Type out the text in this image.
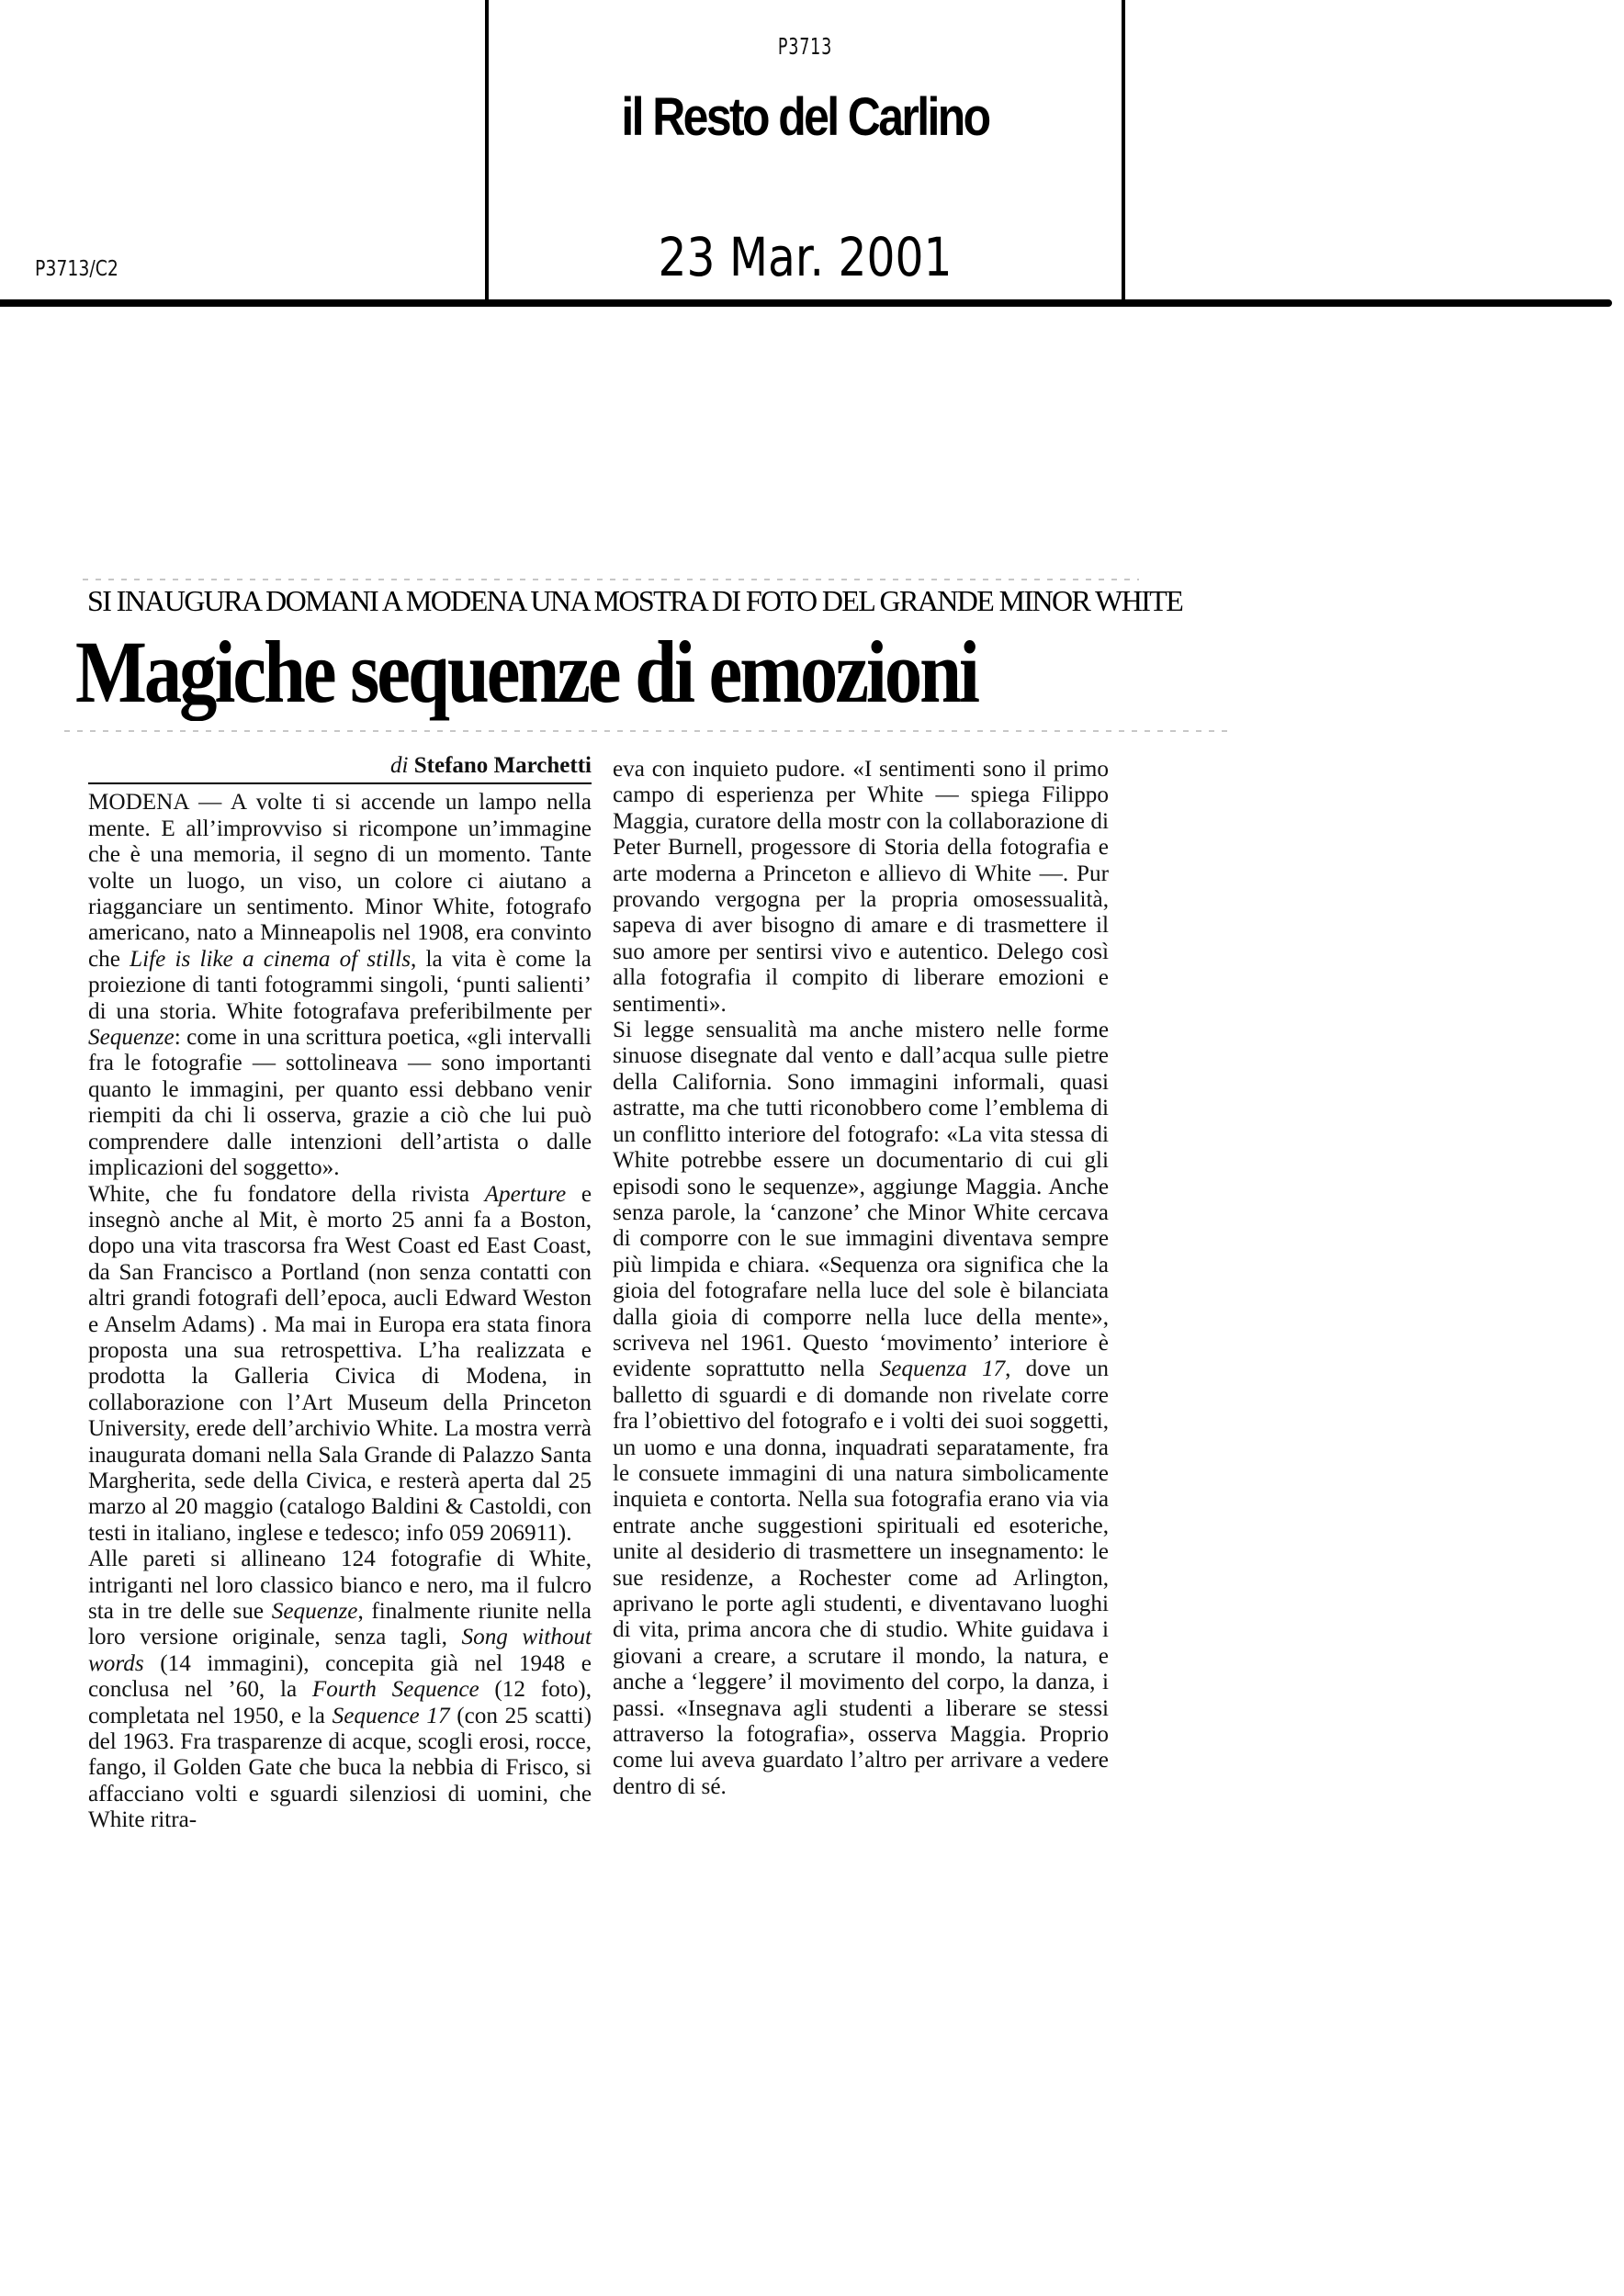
P3713
il Resto del Carlino
P3713/C2	23 Mar. 2001
SI INAUGURA DOMANI A MODENA UNA MOSTRA DI FOTO DEL GRANDE MINOR WHITE
Magiche sequenze di emozioni
di Stefano Marchetti

MODENA — A volte ti si accende un lampo nella mente. E all’improvviso si ricompone un’immagine che è una memoria, il segno di un momento. Tante volte un luogo, un viso, un colore ci aiutano a riagganciare un sentimento. Minor White, fotografo americano, nato a Minneapolis nel 1908, era convinto che Life is like a cinema of stills, la vita è come la proiezione di tanti fotogrammi singoli, ‘punti salienti’ di una storia. White fotografava preferibilmente per Sequenze: come in una scrittura poetica, «gli intervalli fra le fotografie — sottolineava — sono importanti quanto le immagini, per quanto essi debbano venir riempiti da chi li osserva, grazie a ciò che lui può comprendere dalle intenzioni dell’artista o dalle implicazioni del soggetto».

White, che fu fondatore della rivista Aperture e insegnò anche al Mit, è morto 25 anni fa a Boston, dopo una vita trascorsa fra West Coast ed East Coast, da San Francisco a Portland (non senza contatti con altri grandi fotografi dell’epoca, aucli Edward Weston e Anselm Adams) . Ma mai in Europa era stata finora proposta una sua retrospettiva. L’ha realizzata e prodotta la Galleria Civica di Modena, in collaborazione con l’Art Museum della Princeton University, erede dell’archivio White. La mostra verrà inaugurata domani nella Sala Grande di Palazzo Santa Margherita, sede della Civica, e resterà aperta dal 25 marzo al 20 maggio (catalogo Baldini & Castoldi, con testi in italiano, inglese e tedesco; info 059 206911).

Alle pareti si allineano 124 fotografie di White, intriganti nel loro classico bianco e nero, ma il fulcro sta in tre delle sue Sequenze, finalmente riunite nella loro versione originale, senza tagli, Song without words (14 immagini), concepita già nel 1948 e conclusa nel ’60, la Fourth Sequence (12 foto), completata nel 1950, e la Sequence 17 (con 25 scatti) del 1963. Fra trasparenze di acque, scogli erosi, rocce, fango, il Golden Gate che buca la nebbia di Frisco, si affacciano volti e sguardi silenziosi di uomini, che White ritra-

eva con inquieto pudore. «I sentimenti sono il primo campo di esperienza per White — spiega Filippo Maggia, curatore della mostr con la collaborazione di Peter Burnell, progessore di Storia della fotografia e arte moderna a Princeton e allievo di White —. Pur provando vergogna per la propria omosessualità, sapeva di aver bisogno di amare e di trasmettere il suo amore per sentirsi vivo e autentico. Delego così alla fotografia il compito di liberare emozioni e sentimenti».

Si legge sensualità ma anche mistero nelle forme sinuose disegnate dal vento e dall’acqua sulle pietre della California. Sono immagini informali, quasi astratte, ma che tutti riconobbero come l’emblema di un conflitto interiore del fotografo: «La vita stessa di White potrebbe essere un documentario di cui gli episodi sono le sequenze», aggiunge Maggia. Anche senza parole, la ‘canzone’ che Minor White cercava di comporre con le sue immagini diventava sempre più limpida e chiara. «Sequenza ora significa che la gioia del fotografare nella luce del sole è bilanciata dalla gioia di comporre nella luce della mente», scriveva nel 1961. Questo ‘movimento’ interiore è evidente soprattutto nella Sequenza 17, dove un balletto di sguardi e di domande non rivelate corre fra l’obiettivo del fotografo e i volti dei suoi soggetti, un uomo e una donna, inquadrati separatamente, fra le consuete immagini di una natura simbolicamente inquieta e contorta. Nella sua fotografia erano via via entrate anche suggestioni spirituali ed esoteriche, unite al desiderio di trasmettere un insegnamento: le sue residenze, a Rochester come ad Arlington, aprivano le porte agli studenti, e diventavano luoghi di vita, prima ancora che di studio. White guidava i giovani a creare, a scrutare il mondo, la natura, e anche a ‘leggere’ il movimento del corpo, la danza, i passi. «Insegnava agli studenti a liberare se stessi attraverso la fotografia», osserva Maggia. Proprio come lui aveva guardato l’altro per arrivare a vedere dentro di sé.
